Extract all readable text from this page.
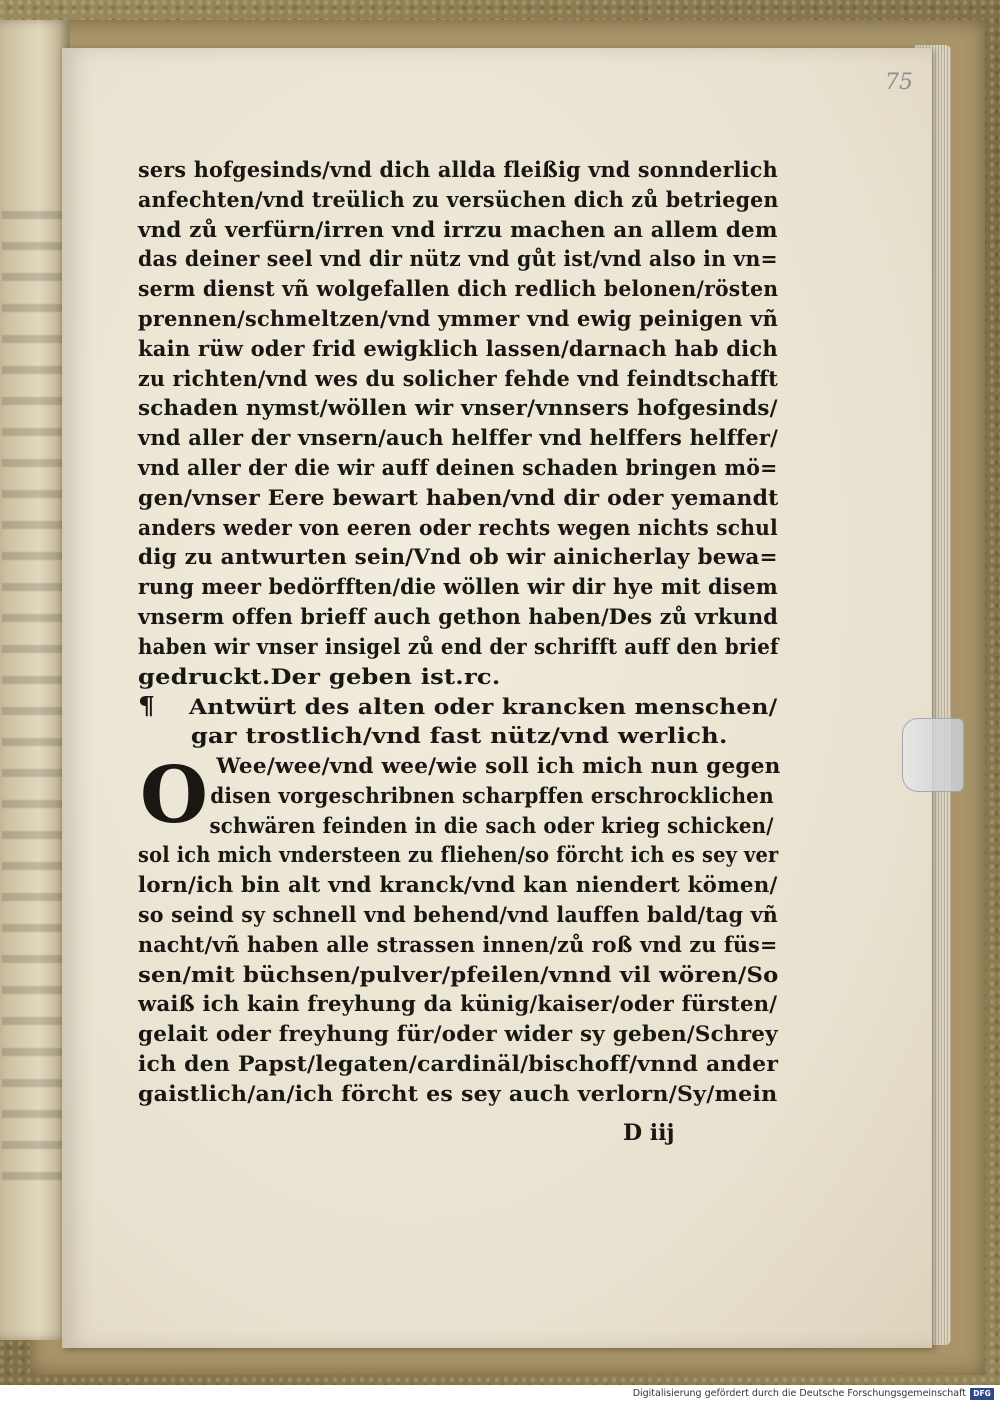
75
sers hofgesinds/vnd dich allda fleißig vnd sonnderlich
anfechten/vnd treülich zu versüchen dich zů betriegen
vnd zů verfürn/irren vnd irrzu machen an allem dem
das deiner seel vnd dir nütz vnd gůt ist/vnd also in vn=
serm dienst vñ wolgefallen dich redlich belonen/rösten
prennen/schmeltzen/vnd ymmer vnd ewig peinigen vñ
kain rüw oder frid ewigklich lassen/darnach hab dich
zu richten/vnd wes du solicher fehde vnd feindtschafft
schaden nymst/wöllen wir vnser/vnnsers hofgesinds/
vnd aller der vnsern/auch helffer vnd helffers helffer/
vnd aller der die wir auff deinen schaden bringen mö=
gen/vnser Eere bewart haben/vnd dir oder yemandt
anders weder von eeren oder rechts wegen nichts schul
dig zu antwurten sein/Vnd ob wir ainicherlay bewa=
rung meer bedörfften/die wöllen wir dir hye mit disem
vnserm offen brieff auch gethon haben/Des zů vrkund
haben wir vnser insigel zů end der schrifft auff den brief
gedruckt.Der geben ist.rc.
¶ Antwürt des alten oder krancken menschen/
gar trostlich/vnd fast nütz/vnd werlich.
Wee/wee/vnd wee/wie soll ich mich nun gegen
disen vorgeschribnen scharpffen erschrocklichen
schwären feinden in die sach oder krieg schicken/
sol ich mich vndersteen zu fliehen/so förcht ich es sey ver
lorn/ich bin alt vnd kranck/vnd kan niendert kömen/
so seind sy schnell vnd behend/vnd lauffen bald/tag vñ
nacht/vñ haben alle strassen innen/zů roß vnd zu füs=
sen/mit büchsen/pulver/pfeilen/vnnd vil wören/So
waiß ich kain freyhung da künig/kaiser/oder fürsten/
gelait oder freyhung für/oder wider sy geben/Schrey
ich den Papst/legaten/cardinäl/bischoff/vnnd ander
gaistlich/an/ich förcht es sey auch verlorn/Sy/mein
O
D iij
Digitalisierung gefördert durch die Deutsche Forschungsgemeinschaft DFG
